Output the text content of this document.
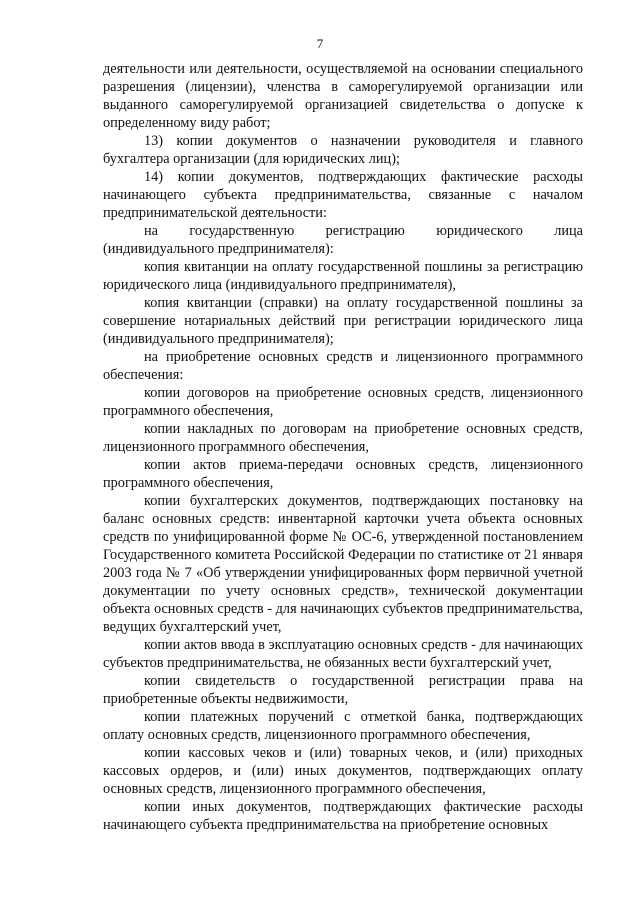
7

деятельности или деятельности, осуществляемой на основании специального разрешения (лицензии), членства в саморегулируемой организации или выданного саморегулируемой организацией свидетельства о допуске к определенному виду работ;

13) копии документов о назначении руководителя и главного бухгалтера организации (для юридических лиц);

14) копии документов, подтверждающих фактические расходы начинающего субъекта предпринимательства, связанные с началом предпринимательской деятельности:

на государственную регистрацию юридического лица (индивидуального предпринимателя):

копия квитанции на оплату государственной пошлины за регистрацию юридического лица (индивидуального предпринимателя),

копия квитанции (справки) на оплату государственной пошлины за совершение нотариальных действий при регистрации юридического лица (индивидуального предпринимателя);

на приобретение основных средств и лицензионного программного обеспечения:

копии договоров на приобретение основных средств, лицензионного программного обеспечения,

копии накладных по договорам на приобретение основных средств, лицензионного программного обеспечения,

копии актов приема-передачи основных средств, лицензионного программного обеспечения,

копии бухгалтерских документов, подтверждающих постановку на баланс основных средств: инвентарной карточки учета объекта основных средств по унифицированной форме № ОС-6, утвержденной постановлением Государственного комитета Российской Федерации по статистике от 21 января 2003 года № 7 «Об утверждении унифицированных форм первичной учетной документации по учету основных средств», технической документации объекта основных средств - для начинающих субъектов предпринимательства, ведущих бухгалтерский учет,

копии актов ввода в эксплуатацию основных средств - для начинающих субъектов предпринимательства, не обязанных вести бухгалтерский учет,

копии свидетельств о государственной регистрации права на приобретенные объекты недвижимости,

копии платежных поручений с отметкой банка, подтверждающих оплату основных средств, лицензионного программного обеспечения,

копии кассовых чеков и (или) товарных чеков, и (или) приходных кассовых ордеров, и (или) иных документов, подтверждающих оплату основных средств, лицензионного программного обеспечения,

копии иных документов, подтверждающих фактические расходы начинающего субъекта предпринимательства на приобретение основных
